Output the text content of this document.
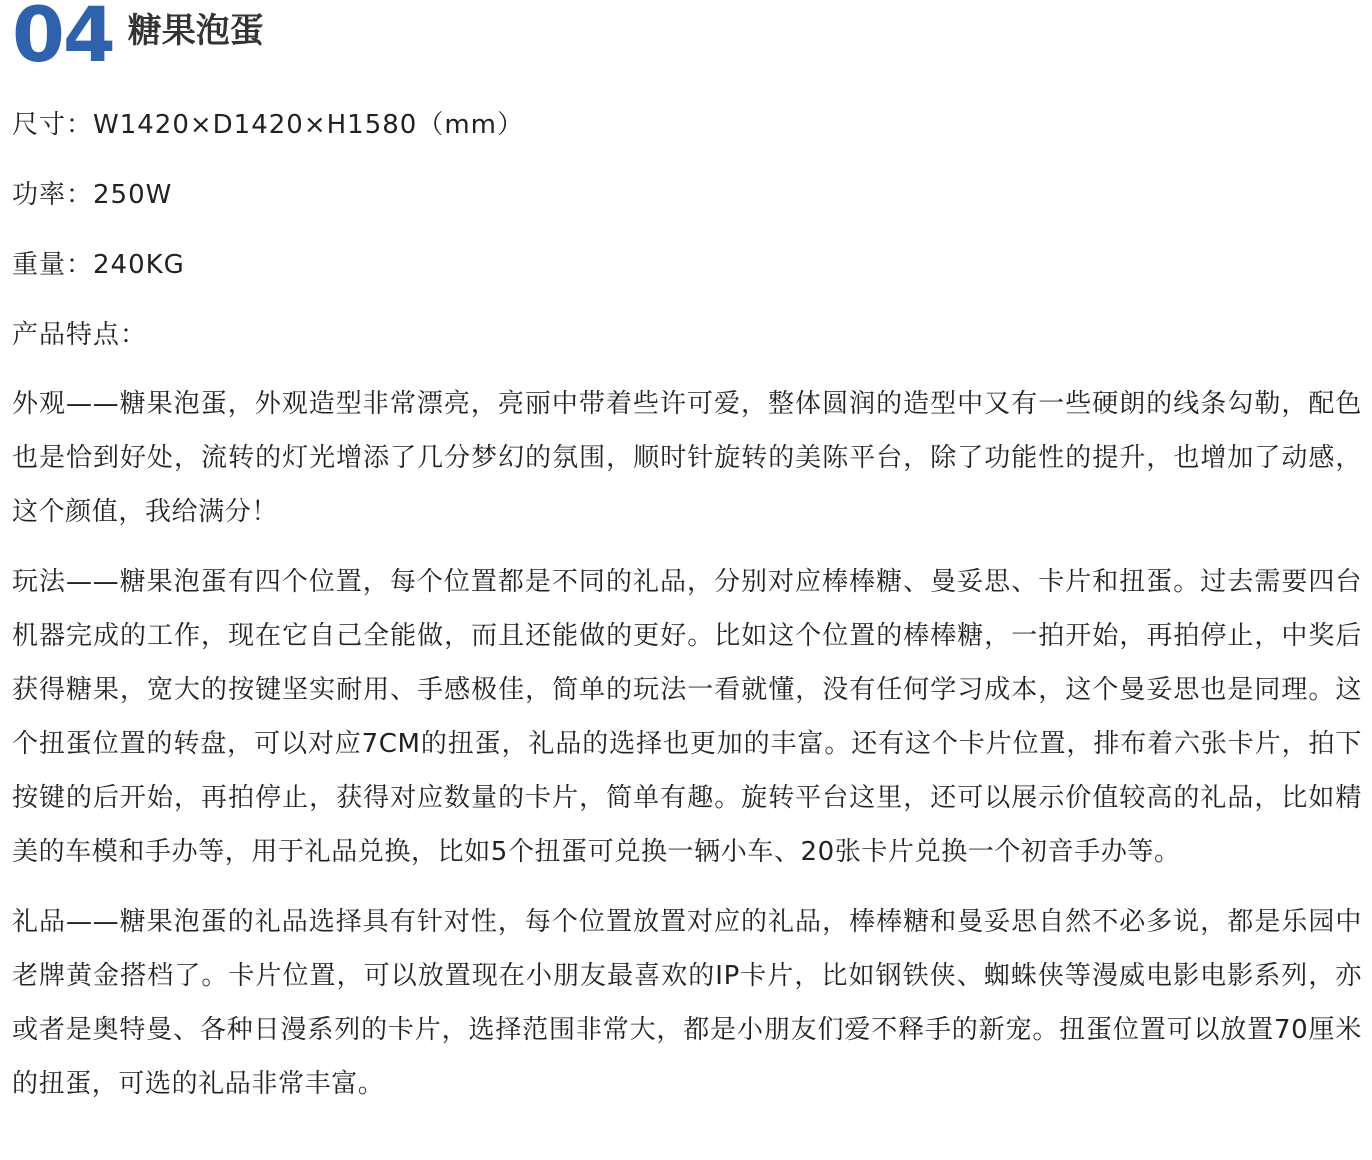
04 糖果泡蛋
尺寸：W1420×D1420×H1580（mm）
功率：250W
重量：240KG
产品特点：

外观——糖果泡蛋，外观造型非常漂亮，亮丽中带着些许可爱，整体圆润的造型中又有一些硬朗的线条勾勒，配色也是恰到好处，流转的灯光增添了几分梦幻的氛围，顺时针旋转的美陈平台，除了功能性的提升，也增加了动感，这个颜值，我给满分！

玩法——糖果泡蛋有四个位置，每个位置都是不同的礼品，分别对应棒棒糖、曼妥思、卡片和扭蛋。过去需要四台机器完成的工作，现在它自己全能做，而且还能做的更好。比如这个位置的棒棒糖，一拍开始，再拍停止，中奖后获得糖果，宽大的按键坚实耐用、手感极佳，简单的玩法一看就懂，没有任何学习成本，这个曼妥思也是同理。这个扭蛋位置的转盘，可以对应7CM的扭蛋，礼品的选择也更加的丰富。还有这个卡片位置，排布着六张卡片，拍下按键的后开始，再拍停止，获得对应数量的卡片，简单有趣。旋转平台这里，还可以展示价值较高的礼品，比如精美的车模和手办等，用于礼品兑换，比如5个扭蛋可兑换一辆小车、20张卡片兑换一个初音手办等。

礼品——糖果泡蛋的礼品选择具有针对性，每个位置放置对应的礼品，棒棒糖和曼妥思自然不必多说，都是乐园中老牌黄金搭档了。卡片位置，可以放置现在小朋友最喜欢的IP卡片，比如钢铁侠、蜘蛛侠等漫威电影电影系列，亦或者是奥特曼、各种日漫系列的卡片，选择范围非常大，都是小朋友们爱不释手的新宠。扭蛋位置可以放置70厘米的扭蛋，可选的礼品非常丰富。
